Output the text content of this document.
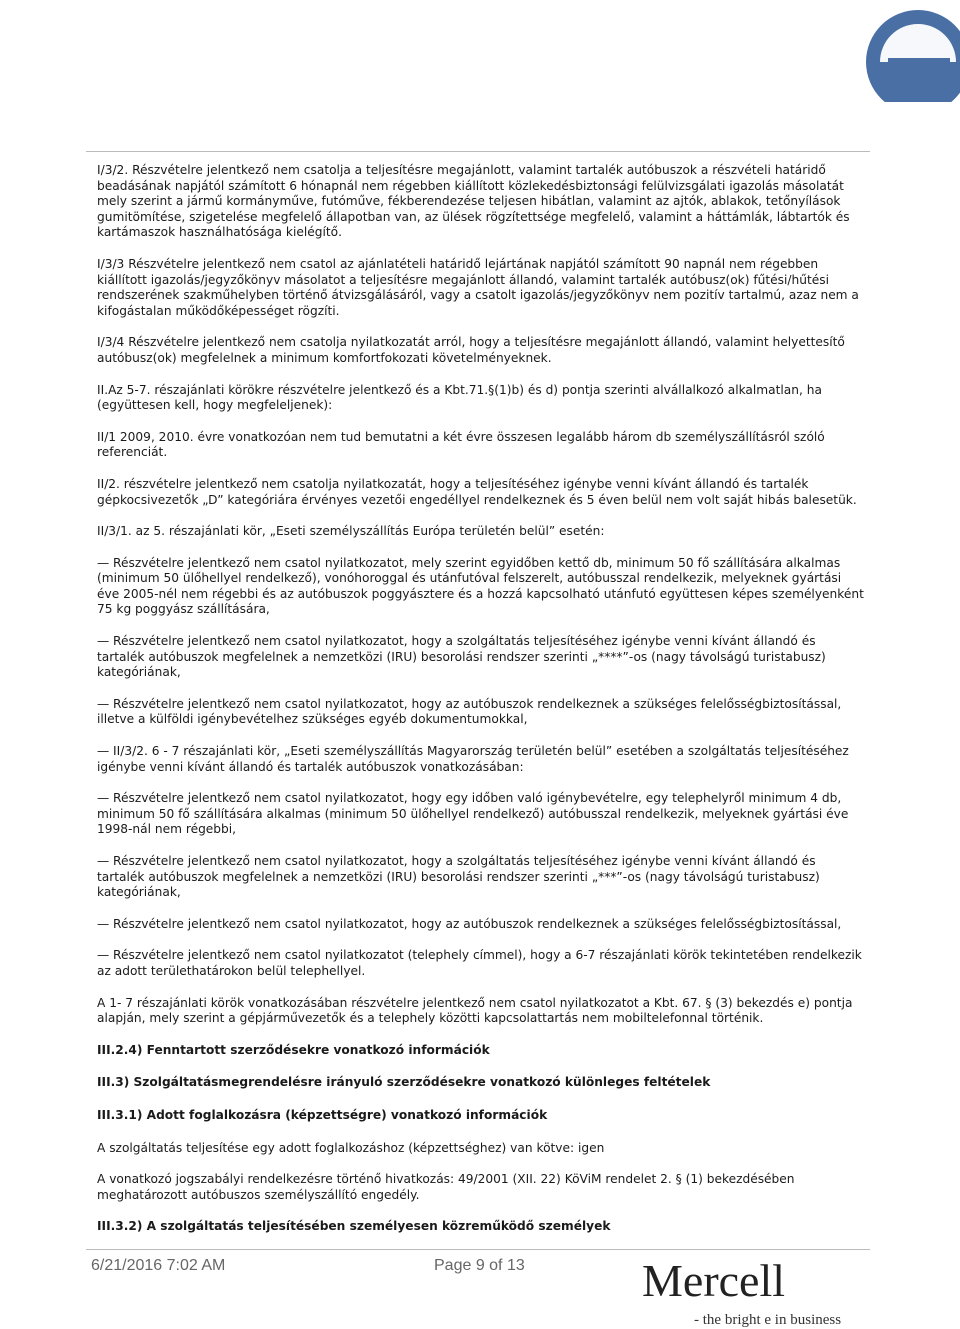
I/3/2. Részvételre jelentkező nem csatolja a teljesítésre megajánlott, valamint tartalék autóbuszok a részvételi határidő beadásának napjától számított 6 hónapnál nem régebben kiállított közlekedésbiztonsági felülvizsgálati igazolás másolatát mely szerint a jármű kormányműve, futóműve, fékberendezése teljesen hibátlan, valamint az ajtók, ablakok, tetőnyílások gumitömítése, szigetelése megfelelő állapotban van, az ülések rögzítettsége megfelelő, valamint a háttámlák, lábtartók és kartámaszok használhatósága kielégítő.

I/3/3 Részvételre jelentkező nem csatol az ajánlatételi határidő lejártának napjától számított 90 napnál nem régebben kiállított igazolás/jegyzőkönyv másolatot a teljesítésre megajánlott állandó, valamint tartalék autóbusz(ok) fűtési/hűtési rendszerének szakműhelyben történő átvizsgálásáról, vagy a csatolt igazolás/jegyzőkönyv nem pozitív tartalmú, azaz nem a kifogástalan működőképességet rögzíti.

I/3/4 Részvételre jelentkező nem csatolja nyilatkozatát arról, hogy a teljesítésre megajánlott állandó, valamint helyettesítő autóbusz(ok) megfelelnek a minimum komfortfokozati követelményeknek.

II.Az 5-7. részajánlati körökre részvételre jelentkező és a Kbt.71.§(1)b) és d) pontja szerinti alvállalkozó alkalmatlan, ha (együttesen kell, hogy megfeleljenek):

II/1 2009, 2010. évre vonatkozóan nem tud bemutatni a két évre összesen legalább három db személyszállításról szóló referenciát.

II/2. részvételre jelentkező nem csatolja nyilatkozatát, hogy a teljesítéséhez igénybe venni kívánt állandó és tartalék gépkocsivezetők „D” kategóriára érvényes vezetői engedéllyel rendelkeznek és 5 éven belül nem volt saját hibás balesetük.

II/3/1. az 5. részajánlati kör, „Eseti személyszállítás Európa területén belül” esetén:

— Részvételre jelentkező nem csatol nyilatkozatot, mely szerint egyidőben kettő db, minimum 50 fő szállítására alkalmas (minimum 50 ülőhellyel rendelkező), vonóhoroggal és utánfutóval felszerelt, autóbusszal rendelkezik, melyeknek gyártási éve 2005-nél nem régebbi és az autóbuszok poggyásztere és a hozzá kapcsolható utánfutó együttesen képes személyenként 75 kg poggyász szállítására,

— Részvételre jelentkező nem csatol nyilatkozatot, hogy a szolgáltatás teljesítéséhez igénybe venni kívánt állandó és tartalék autóbuszok megfelelnek a nemzetközi (IRU) besorolási rendszer szerinti „****”-os (nagy távolságú turistabusz) kategóriának,

— Részvételre jelentkező nem csatol nyilatkozatot, hogy az autóbuszok rendelkeznek a szükséges felelősségbiztosítással, illetve a külföldi igénybevételhez szükséges egyéb dokumentumokkal,

— II/3/2. 6 - 7 részajánlati kör, „Eseti személyszállítás Magyarország területén belül” esetében a szolgáltatás teljesítéséhez igénybe venni kívánt állandó és tartalék autóbuszok vonatkozásában:

— Részvételre jelentkező nem csatol nyilatkozatot, hogy egy időben való igénybevételre, egy telephelyről minimum 4 db, minimum 50 fő szállítására alkalmas (minimum 50 ülőhellyel rendelkező) autóbusszal rendelkezik, melyeknek gyártási éve 1998-nál nem régebbi,

— Részvételre jelentkező nem csatol nyilatkozatot, hogy a szolgáltatás teljesítéséhez igénybe venni kívánt állandó és tartalék autóbuszok megfelelnek a nemzetközi (IRU) besorolási rendszer szerinti „***”-os (nagy távolságú turistabusz) kategóriának,

— Részvételre jelentkező nem csatol nyilatkozatot, hogy az autóbuszok rendelkeznek a szükséges felelősségbiztosítással,

— Részvételre jelentkező nem csatol nyilatkozatot (telephely címmel), hogy a 6-7 részajánlati körök tekintetében rendelkezik az adott területhatárokon belül telephellyel.

A 1- 7 részajánlati körök vonatkozásában részvételre jelentkező nem csatol nyilatkozatot a Kbt. 67. § (3) bekezdés e) pontja alapján, mely szerint a gépjárművezetők és a telephely közötti kapcsolattartás nem mobiltelefonnal történik.

III.2.4) Fenntartott szerződésekre vonatkozó információk

III.3) Szolgáltatásmegrendelésre irányuló szerződésekre vonatkozó különleges feltételek

III.3.1) Adott foglalkozásra (képzettségre) vonatkozó információk

A szolgáltatás teljesítése egy adott foglalkozáshoz (képzettséghez) van kötve: igen

A vonatkozó jogszabályi rendelkezésre történő hivatkozás: 49/2001 (XII. 22) KöViM rendelet 2. § (1) bekezdésében meghatározott autóbuszos személyszállító engedély.

III.3.2) A szolgáltatás teljesítésében személyesen közreműködő személyek

6/21/2016 7:02 AM	Page 9 of 13	Mercell
- the bright e in business
